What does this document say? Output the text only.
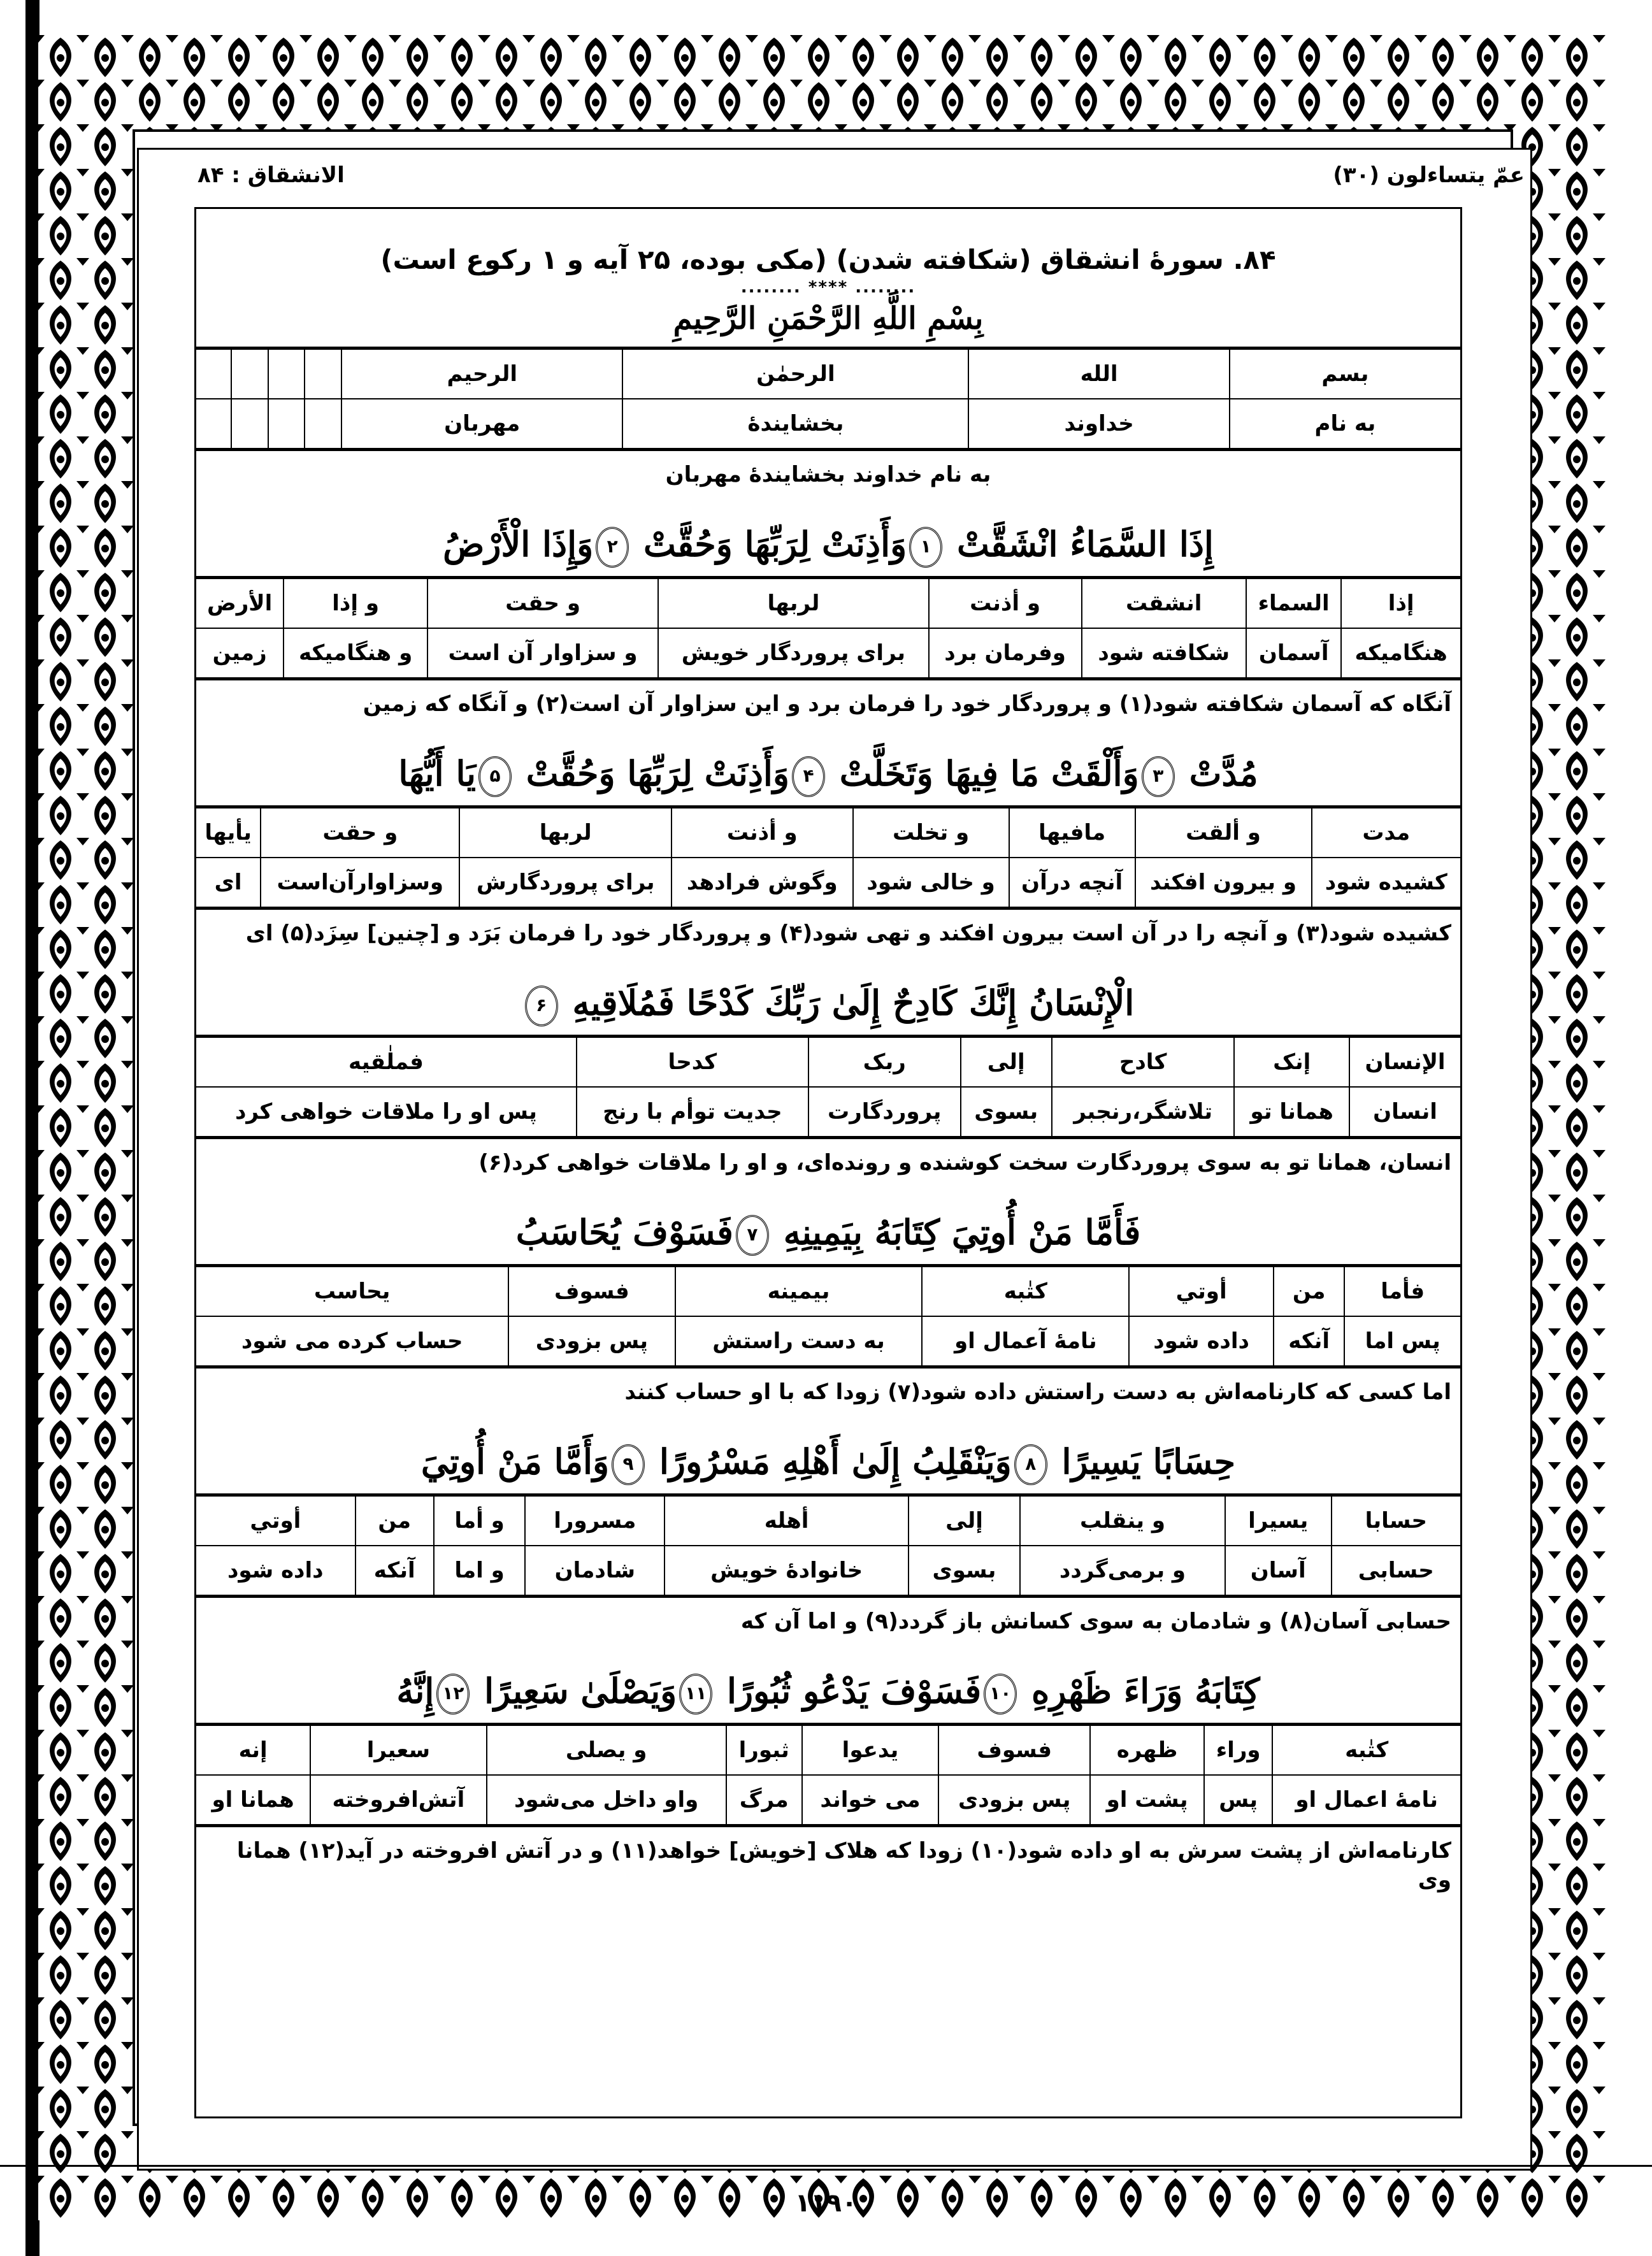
عمّ يتساءلون (٣٠)
الانشقاق : ٨۴
٨۴. سورهٔ انشقاق (شکافته شدن) (مکی بوده، ٢۵ آیه و ١ رکوع است)
........ **** ........
بِسْمِ اللَّهِ الرَّحْمَنِ الرَّحِيمِ
بسم	الله	الرحمٰن	الرحيم				
به نام	خداوند	بخشایندهٔ	مهربان				
به نام خداوند بخشایندهٔ مهربان
إِذَا السَّمَاءُ انْشَقَّتْ ١وَأَذِنَتْ لِرَبِّهَا وَحُقَّتْ ٢وَإِذَا الْأَرْضُ
إذا	السماء	انشقت	و أذنت	لربها	و حقت	و إذا	الأرض
هنگامیکه	آسمان	شکافته شود	وفرمان برد	برای پروردگار خویش	و سزاوار آن است	و هنگامیکه	زمین
آنگاه که آسمان شکافته شود(١) و پروردگار خود را فرمان برد و این سزاوار آن است(٢) و آنگاه که زمین
مُدَّتْ ٣وَأَلْقَتْ مَا فِيهَا وَتَخَلَّتْ ۴وَأَذِنَتْ لِرَبِّهَا وَحُقَّتْ ۵يَا أَيُّهَا
مدت	و ألقت	مافيها	و تخلت	و أذنت	لربها	و حقت	يأيها
کشیده شود	و بیرون افکند	آنچه درآن	و خالی شود	وگوش فرادهد	برای پروردگارش	وسزاوارآن‌است	ای
کشیده شود(٣) و آنچه را در آن است بیرون افکند و تهی شود(۴) و پروردگار خود را فرمان بَرَد و [چنین] سِزَد(۵) ای
الْإِنْسَانُ إِنَّكَ كَادِحٌ إِلَىٰ رَبِّكَ كَدْحًا فَمُلَاقِيهِ ۶
الإنسان	إنک	كادح	إلى	ربک	كدحا	فملٰقيه
انسان	همانا تو	تلاشگر،رنجبر	بسوی	پروردگارت	جدیت توأم با رنج	پس او را ملاقات خواهی کرد
انسان، همانا تو به سوی پروردگارت سخت کوشنده و رونده‌ای، و او را ملاقات خواهی کرد(۶)
فَأَمَّا مَنْ أُوتِيَ كِتَابَهُ بِيَمِينِهِ ٧فَسَوْفَ يُحَاسَبُ
فأما	من	أوتي	كتٰبه	بيمينه	فسوف	يحاسب
پس اما	آنکه	داده شود	نامهٔ آعمال او	به دست راستش	پس بزودی	حساب کرده می شود
اما کسی که کارنامه‌اش به دست راستش داده شود(٧) زودا که با او حساب کنند
حِسَابًا يَسِيرًا ٨وَيَنْقَلِبُ إِلَىٰ أَهْلِهِ مَسْرُورًا ٩وَأَمَّا مَنْ أُوتِيَ
حسابا	يسيرا	و ينقلب	إلى	أهله	مسرورا	و أما	من	أوتي
حسابی	آسان	و برمی‌گردد	بسوی	خانوادهٔ خویش	شادمان	و اما	آنکه	داده شود
حسابی آسان(٨) و شادمان به سوی کسانش باز گردد(٩) و اما آن که
كِتَابَهُ وَرَاءَ ظَهْرِهِ ١٠فَسَوْفَ يَدْعُو ثُبُورًا ١١وَيَصْلَىٰ سَعِيرًا ١٢إِنَّهُ
كتٰبه	وراء	ظهره	فسوف	يدعوا	ثبورا	و يصلى	سعيرا	إنه
نامهٔ اعمال او	پس	پشت او	پس بزودی	می خواند	مرگ	واو داخل می‌شود	آتش‌افروخته	همانا او
کارنامه‌اش از پشت سرش به او داده شود(١٠) زودا که هلاک [خویش] خواهد(١١) و در آتش افروخته در آید(١٢) همانا وی
١١٩٠
